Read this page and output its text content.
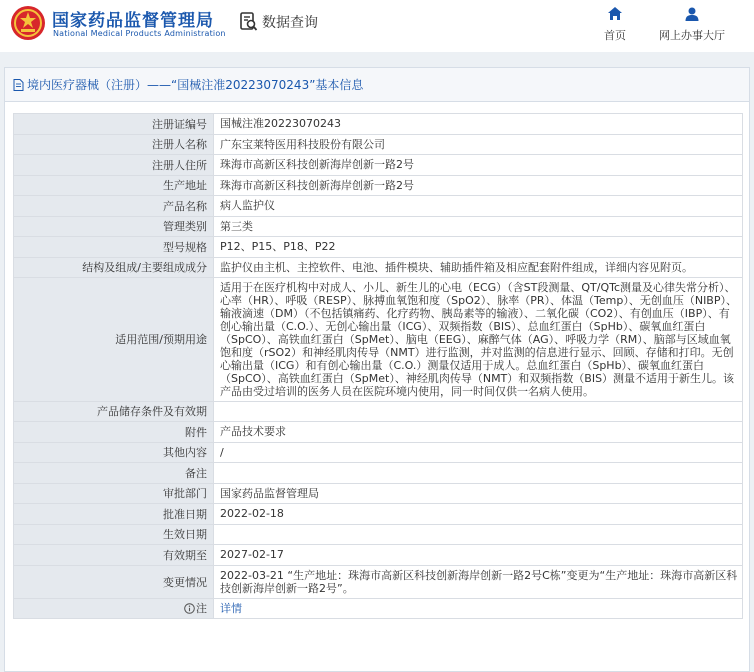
国家药品监督管理局
National Medical Products Administration
数据查询
首页	网上办事大厅
境内医疗器械（注册）——“国械注准20223070243”基本信息
注册证编号	国械注准20223070243
注册人名称	广东宝莱特医用科技股份有限公司
注册人住所	珠海市高新区科技创新海岸创新一路2号
生产地址	珠海市高新区科技创新海岸创新一路2号
产品名称	病人监护仪
管理类别	第三类
型号规格	P12、P15、P18、P22
结构及组成/主要组成成分	监护仪由主机、主控软件、电池、插件模块、辅助插件箱及相应配套附件组成，详细内容见附页。
适用范围/预期用途	适用于在医疗机构中对成人、小儿、新生儿的心电（ECG）（含ST段测量、QT/QTc测量及心律失常分析）、心率（HR）、呼吸（RESP）、脉搏血氧饱和度（SpO2）、脉率（PR）、体温（Temp）、无创血压（NIBP）、输液滴速（DM）（不包括镇痛药、化疗药物、胰岛素等的输液）、二氧化碳（CO2）、有创血压（IBP）、有创心输出量（C.O.）、无创心输出量（ICG）、双频指数（BIS）、总血红蛋白（SpHb）、碳氧血红蛋白（SpCO）、高铁血红蛋白（SpMet）、脑电（EEG）、麻醉气体（AG）、呼吸力学（RM）、脑部与区域血氧饱和度（rSO2）和神经肌肉传导（NMT）进行监测，并对监测的信息进行显示、回顾、存储和打印。无创心输出量（ICG）和有创心输出量（C.O.）测量仅适用于成人。总血红蛋白（SpHb）、碳氧血红蛋白（SpCO）、高铁血红蛋白（SpMet）、神经肌肉传导（NMT）和双频指数（BIS）测量不适用于新生儿。该产品由受过培训的医务人员在医院环境内使用，同一时间仅供一名病人使用。
产品储存条件及有效期	
附件	产品技术要求
其他内容	/
备注	
审批部门	国家药品监督管理局
批准日期	2022-02-18
生效日期	
有效期至	2027-02-17
变更情况	2022-03-21 “生产地址：珠海市高新区科技创新海岸创新一路2号C栋”变更为“生产地址：珠海市高新区科技创新海岸创新一路2号”。
注	详情
